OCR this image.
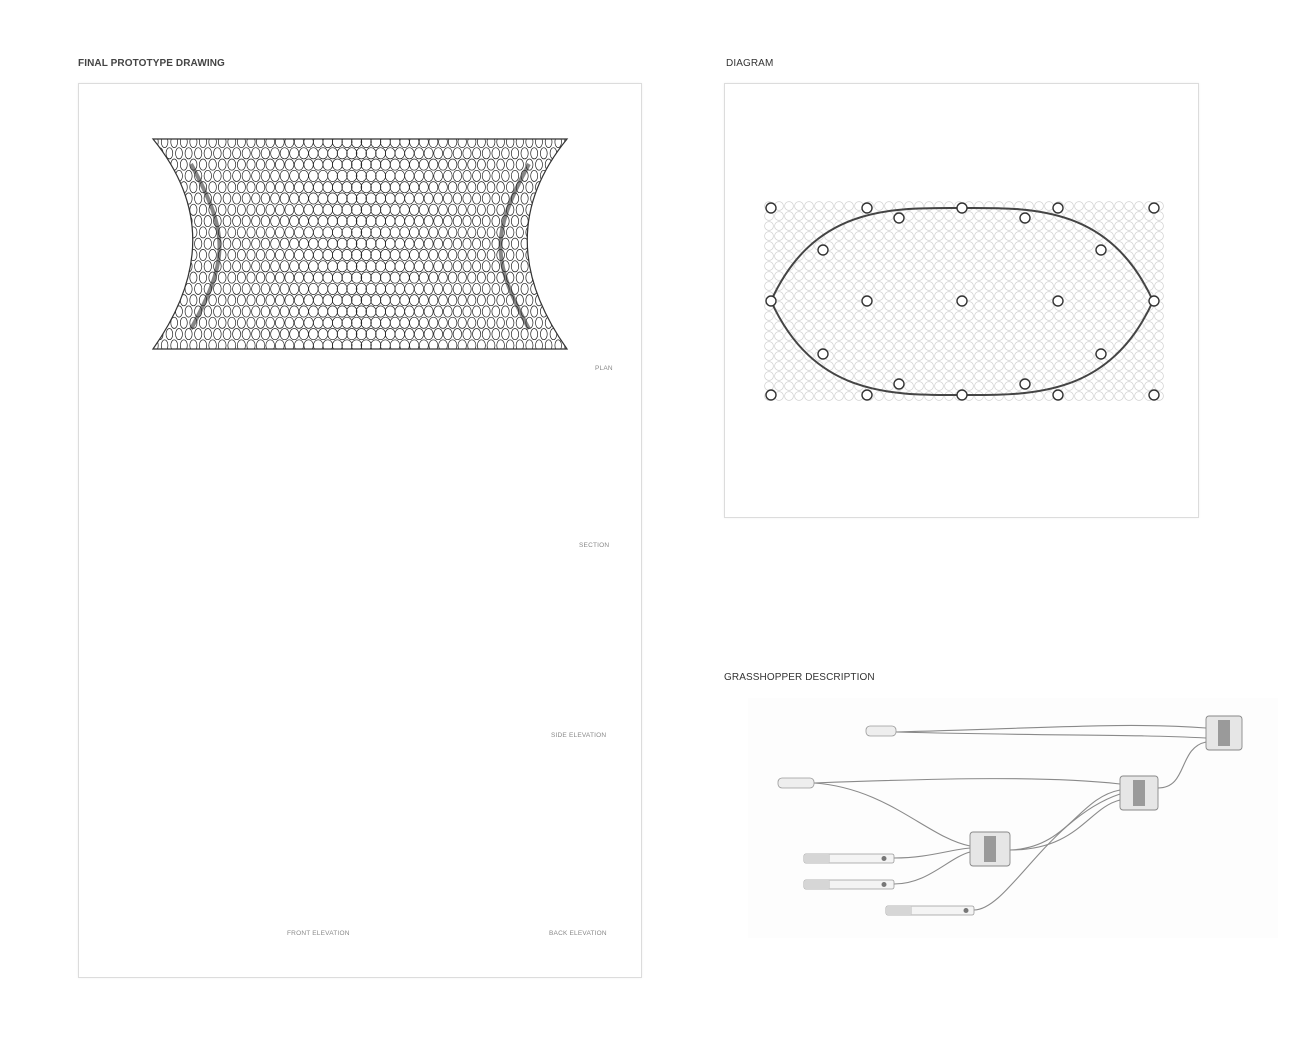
FINAL PROTOTYPE DRAWING
PLAN
SECTION
SIDE ELEVATION
FRONT ELEVATION	BACK ELEVATION
DIAGRAM
GRASSHOPPER DESCRIPTION
